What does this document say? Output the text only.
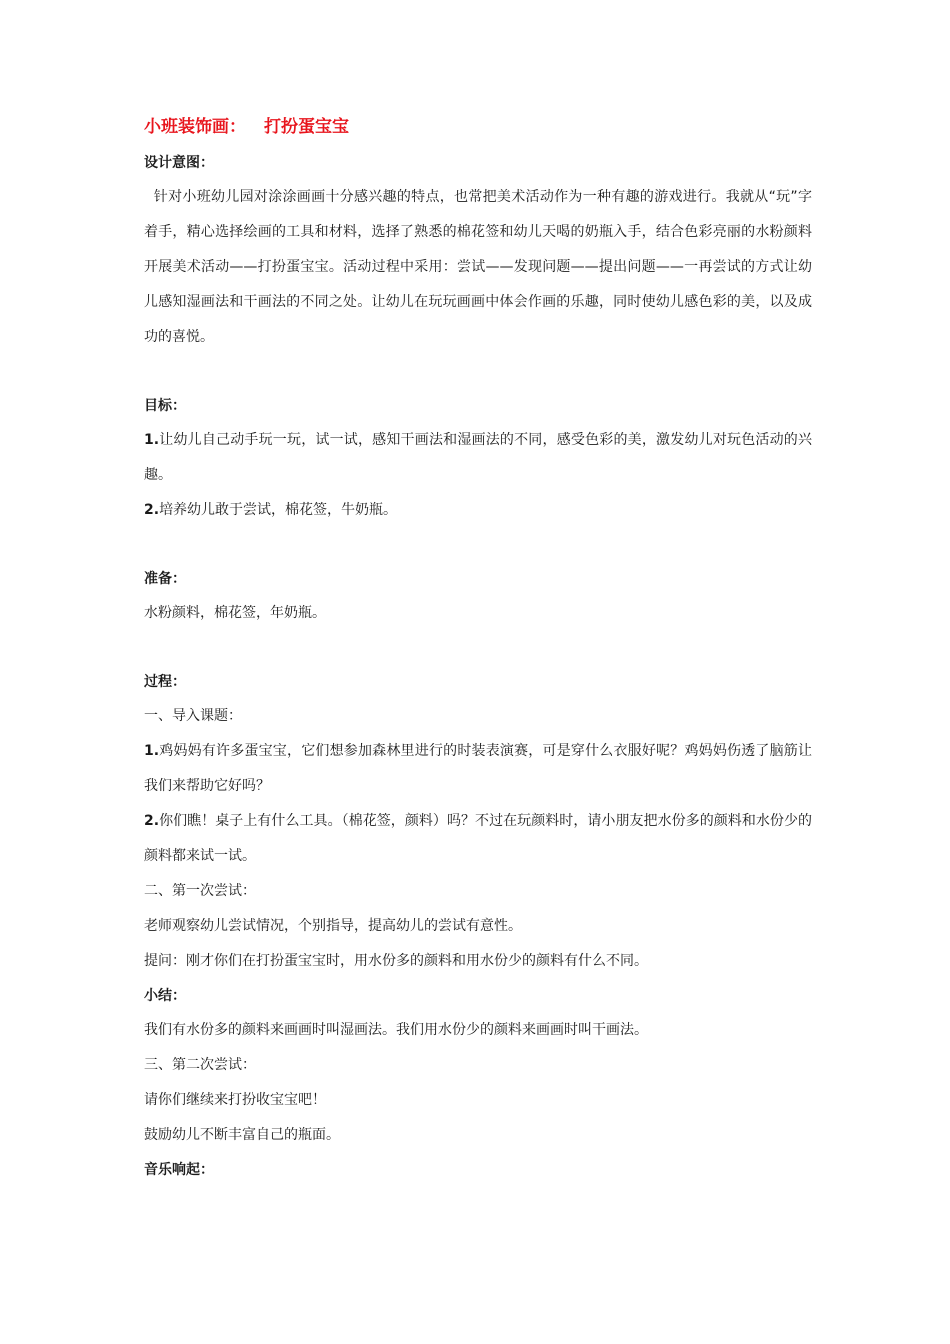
小班装饰画： 打扮蛋宝宝

设计意图：

针对小班幼儿园对涂涂画画十分感兴趣的特点，也常把美术活动作为一种有趣的游戏进行。我就从“玩”字着手，精心选择绘画的工具和材料，选择了熟悉的棉花签和幼儿天喝的奶瓶入手，结合色彩亮丽的水粉颜料开展美术活动——打扮蛋宝宝。活动过程中采用：尝试——发现问题——提出问题——一再尝试的方式让幼儿感知湿画法和干画法的不同之处。让幼儿在玩玩画画中体会作画的乐趣，同时使幼儿感色彩的美，以及成功的喜悦。

目标：

1.让幼儿自己动手玩一玩，试一试，感知干画法和湿画法的不同，感受色彩的美，激发幼儿对玩色活动的兴趣。

2.培养幼儿敢于尝试，棉花签，牛奶瓶。

准备：

水粉颜料，棉花签，年奶瓶。

过程：

一、导入课题：

1.鸡妈妈有许多蛋宝宝，它们想参加森林里进行的时装表演赛，可是穿什么衣服好呢？鸡妈妈伤透了脑筋让我们来帮助它好吗？

2.你们瞧！桌子上有什么工具。（棉花签，颜料）吗？不过在玩颜料时，请小朋友把水份多的颜料和水份少的颜料都来试一试。

二、第一次尝试：

老师观察幼儿尝试情况，个别指导，提高幼儿的尝试有意性。

提问：刚才你们在打扮蛋宝宝时，用水份多的颜料和用水份少的颜料有什么不同。

小结：

我们有水份多的颜料来画画时叫湿画法。我们用水份少的颜料来画画时叫干画法。

三、第二次尝试：

请你们继续来打扮收宝宝吧！

鼓励幼儿不断丰富自己的瓶面。

音乐响起：
